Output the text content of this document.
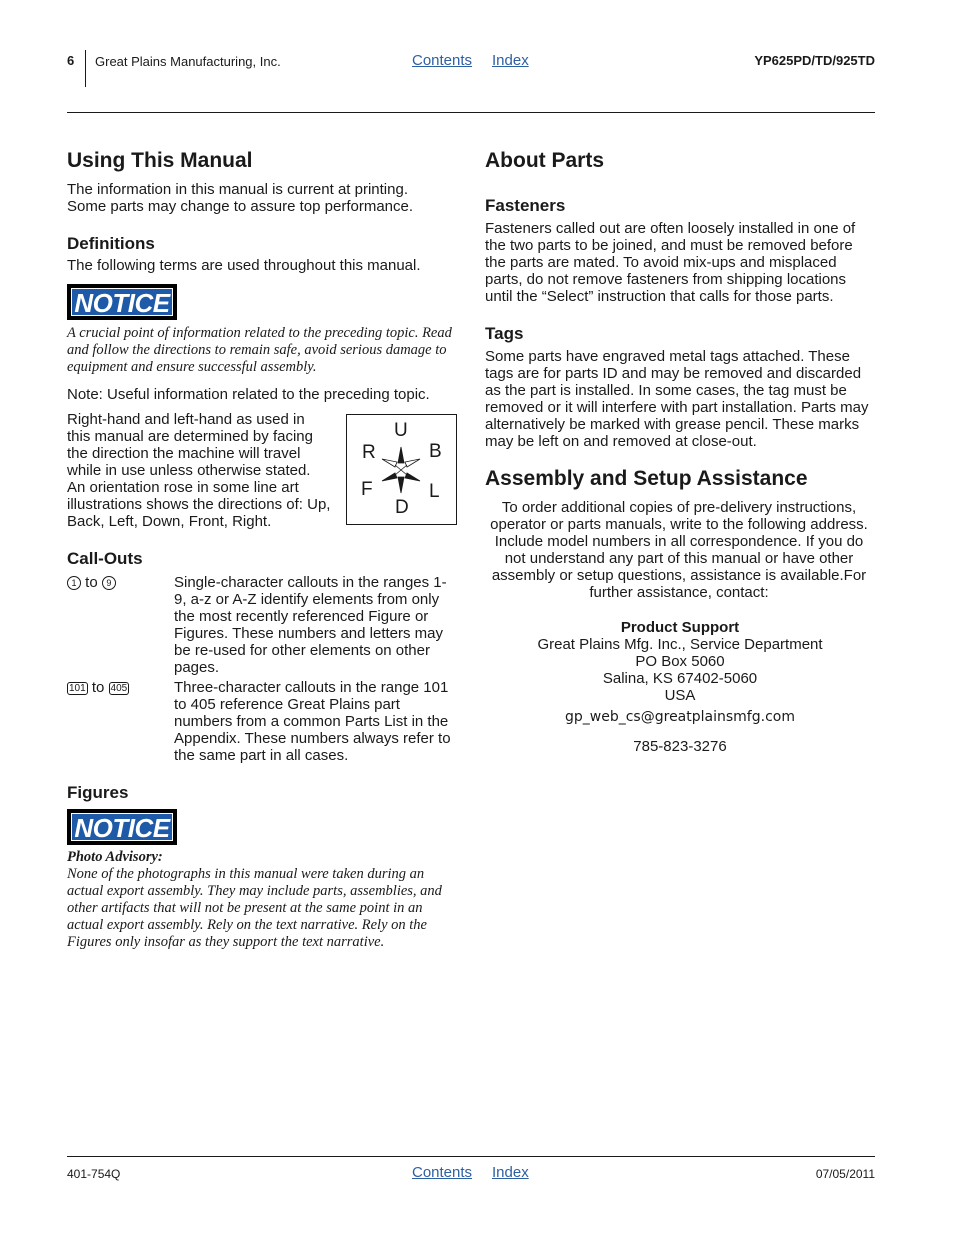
6 Great Plains Manufacturing, Inc.	Contents Index	YP625PD/TD/925TD
Using This Manual
The information in this manual is current at printing. Some parts may change to assure top performance.
Definitions
The following terms are used throughout this manual.
NOTICE
A crucial point of information related to the preceding topic. Read and follow the directions to remain safe, avoid serious damage to equipment and ensure successful assembly.
Note: Useful information related to the preceding topic.
Right-hand and left-hand as used in this manual are determined by facing the direction the machine will travel while in use unless otherwise stated. An orientation rose in some line art illustrations shows the directions of: Up, Back, Left, Down, Front, Right.
U
R	B
F	L
D
Call-Outs
1 to 9	Single-character callouts in the ranges 1-9, a-z or A-Z identify elements from only the most recently referenced Figure or Figures. These numbers and letters may be re-used for other elements on other pages.
101 to 405	Three-character callouts in the range 101 to 405 reference Great Plains part numbers from a common Parts List in the Appendix. These numbers always refer to the same part in all cases.
Figures
NOTICE
Photo Advisory:
None of the photographs in this manual were taken during an actual export assembly. They may include parts, assemblies, and other artifacts that will not be present at the same point in an actual export assembly. Rely on the text narrative. Rely on the Figures only insofar as they support the text narrative.
About Parts
Fasteners
Fasteners called out are often loosely installed in one of the two parts to be joined, and must be removed before the parts are mated. To avoid mix-ups and misplaced parts, do not remove fasteners from shipping locations until the “Select” instruction that calls for those parts.
Tags
Some parts have engraved metal tags attached. These tags are for parts ID and may be removed and discarded as the part is installed. In some cases, the tag must be removed or it will interfere with part installation. Parts may alternatively be marked with grease pencil. These marks may be left on and removed at close-out.
Assembly and Setup Assistance
To order additional copies of pre-delivery instructions, operator or parts manuals, write to the following address. Include model numbers in all correspondence. If you do not understand any part of this manual or have other assembly or setup questions, assistance is available.For further assistance, contact:
Product Support
Great Plains Mfg. Inc., Service Department
PO Box 5060
Salina, KS 67402-5060
USA
gp_web_cs@greatplainsmfg.com
785-823-3276
401-754Q	Contents Index	07/05/2011
